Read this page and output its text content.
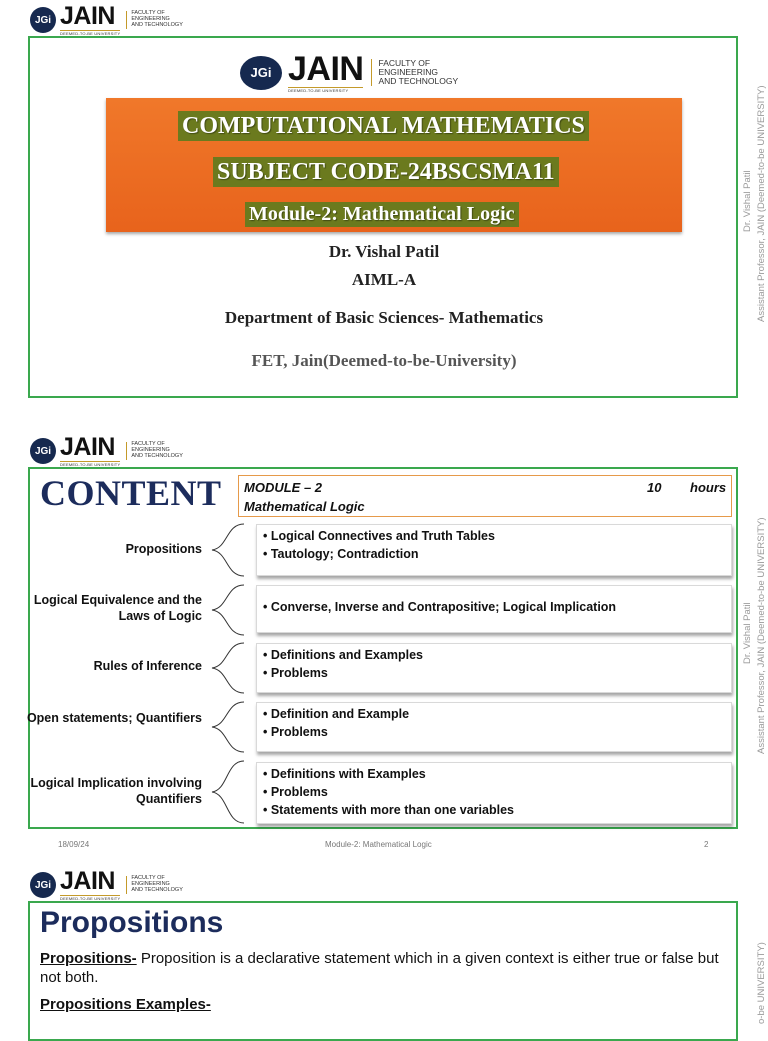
JGi JAIN
DEEMED-TO-BE UNIVERSITY
FACULTY OF
ENGINEERING
AND TECHNOLOGY
JGi JAIN
DEEMED-TO-BE UNIVERSITY
FACULTY OF
ENGINEERING
AND TECHNOLOGY
COMPUTATIONAL MATHEMATICS
SUBJECT CODE-24BSCSMA11
Module-2: Mathematical Logic
Dr. Vishal Patil
AIML-A
Department of Basic Sciences- Mathematics
FET, Jain(Deemed-to-be-University)
Dr. Vishal Patil Assistant Professor, JAIN (Deemed-to-be UNIVERSITY)
JGi JAIN
DEEMED-TO-BE UNIVERSITY
FACULTY OF
ENGINEERING
AND TECHNOLOGY
CONTENT MODULE – 2
Mathematical Logic
10 hours
Propositions
• Logical Connectives and Truth Tables
• Tautology; Contradiction
Logical Equivalence and the Laws of Logic
• Converse, Inverse and Contrapositive; Logical Implication
Rules of Inference
• Definitions and Examples
• Problems
Open statements; Quantifiers	• Definition and Example
• Problems
Logical Implication involving Quantifiers
• Definitions with Examples
• Problems
• Statements with more than one variables
18/09/24	Module-2: Mathematical Logic	2
Dr. Vishal Patil Assistant Professor, JAIN (Deemed-to-be UNIVERSITY)
JGi JAIN
DEEMED-TO-BE UNIVERSITY
FACULTY OF
ENGINEERING
AND TECHNOLOGY
Propositions
Propositions- Proposition is a declarative statement which in a given context is either true or false but not both.
Propositions Examples-	o-be UNIVERSITY)
